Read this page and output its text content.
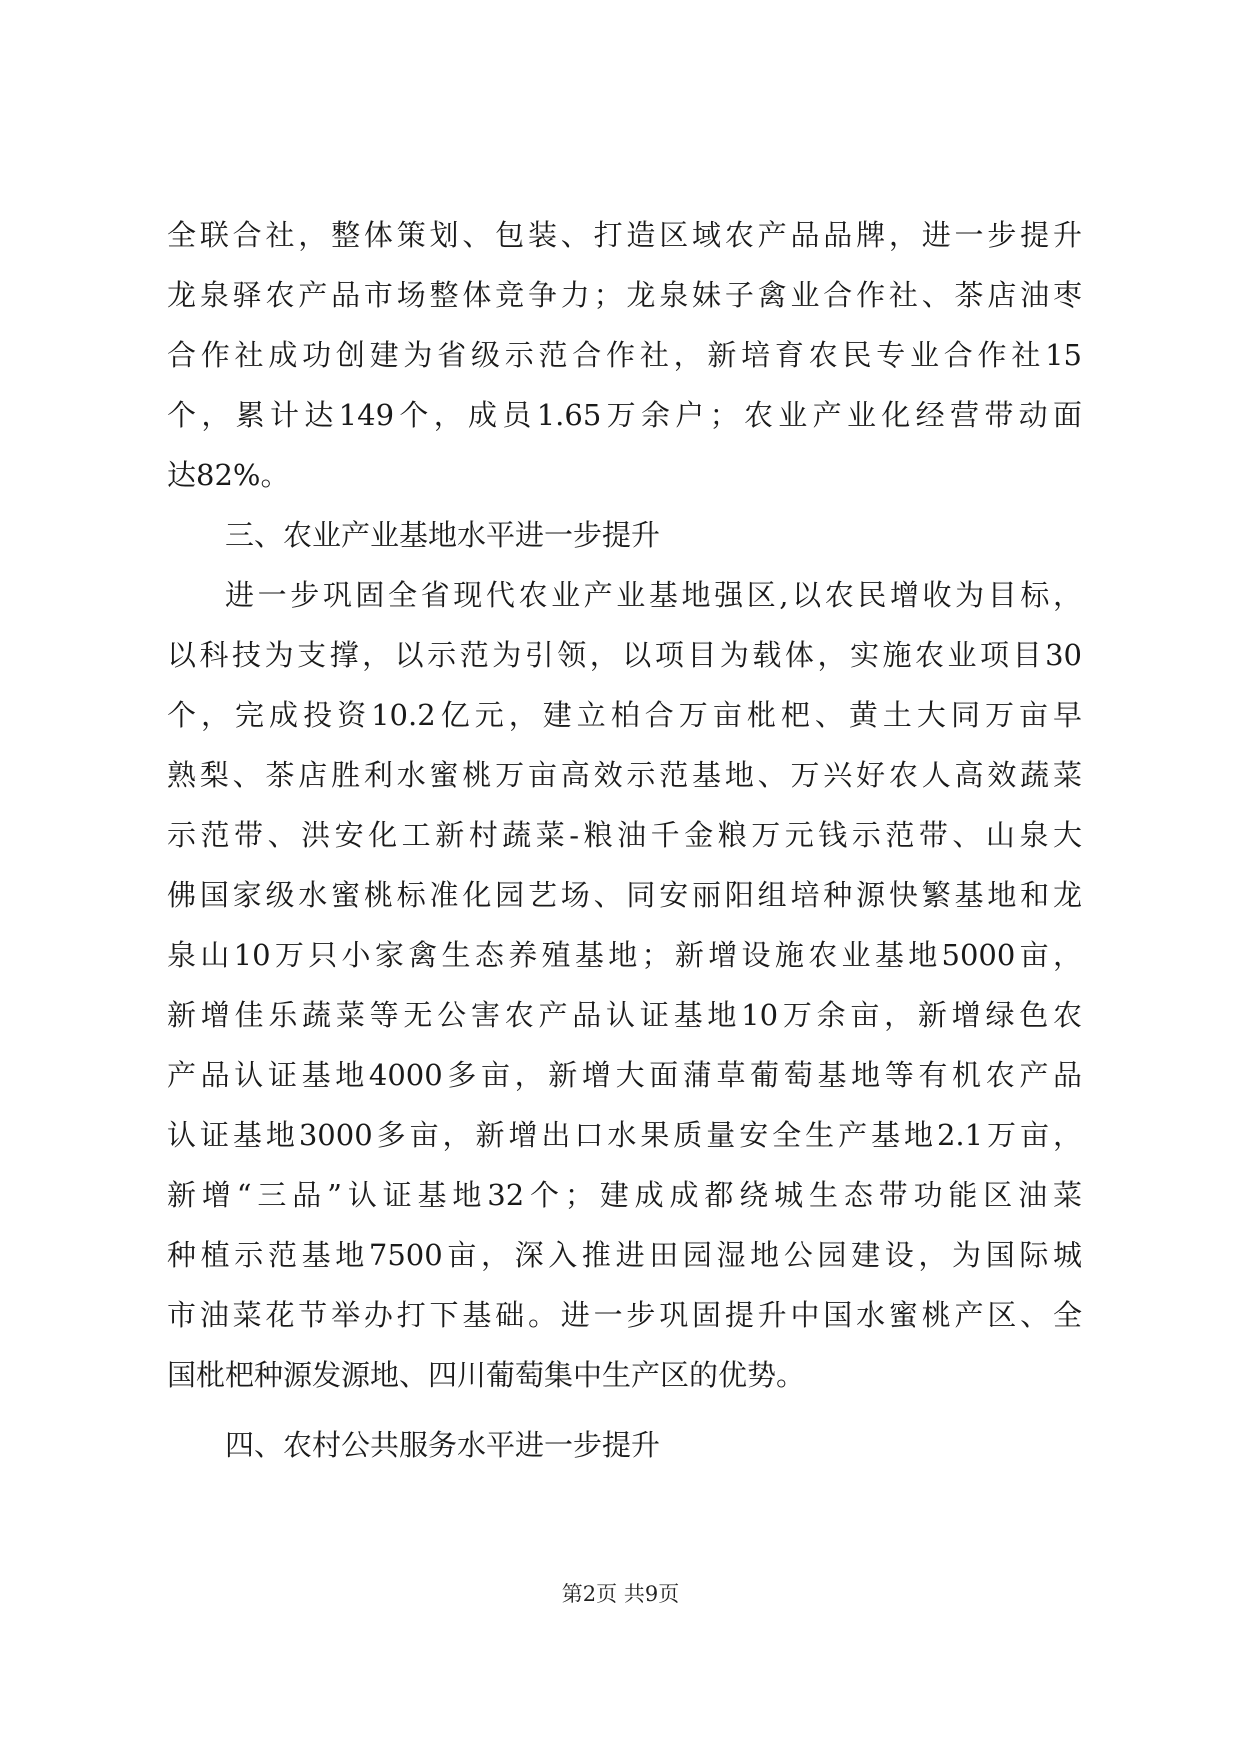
全联合社，整体策划、包装、打造区域农产品品牌，进一步提升
龙泉驿农产品市场整体竞争力；龙泉妹子禽业合作社、茶店油枣
合作社成功创建为省级示范合作社，新培育农民专业合作社15
个，累计达149个，成员1.65万余户；农业产业化经营带动面
达82%。
三、农业产业基地水平进一步提升
进一步巩固全省现代农业产业基地强区,以农民增收为目标，
以科技为支撑，以示范为引领，以项目为载体，实施农业项目30
个，完成投资10.2亿元，建立柏合万亩枇杷、黄土大同万亩早
熟梨、茶店胜利水蜜桃万亩高效示范基地、万兴好农人高效蔬菜
示范带、洪安化工新村蔬菜-粮油千金粮万元钱示范带、山泉大
佛国家级水蜜桃标准化园艺场、同安丽阳组培种源快繁基地和龙
泉山10万只小家禽生态养殖基地；新增设施农业基地5000亩，
新增佳乐蔬菜等无公害农产品认证基地10万余亩，新增绿色农
产品认证基地4000多亩，新增大面蒲草葡萄基地等有机农产品
认证基地3000多亩，新增出口水果质量安全生产基地2.1万亩，
新增“三品”认证基地32个；建成成都绕城生态带功能区油菜
种植示范基地7500亩，深入推进田园湿地公园建设，为国际城
市油菜花节举办打下基础。进一步巩固提升中国水蜜桃产区、全
国枇杷种源发源地、四川葡萄集中生产区的优势。
四、农村公共服务水平进一步提升
第2页 共9页
